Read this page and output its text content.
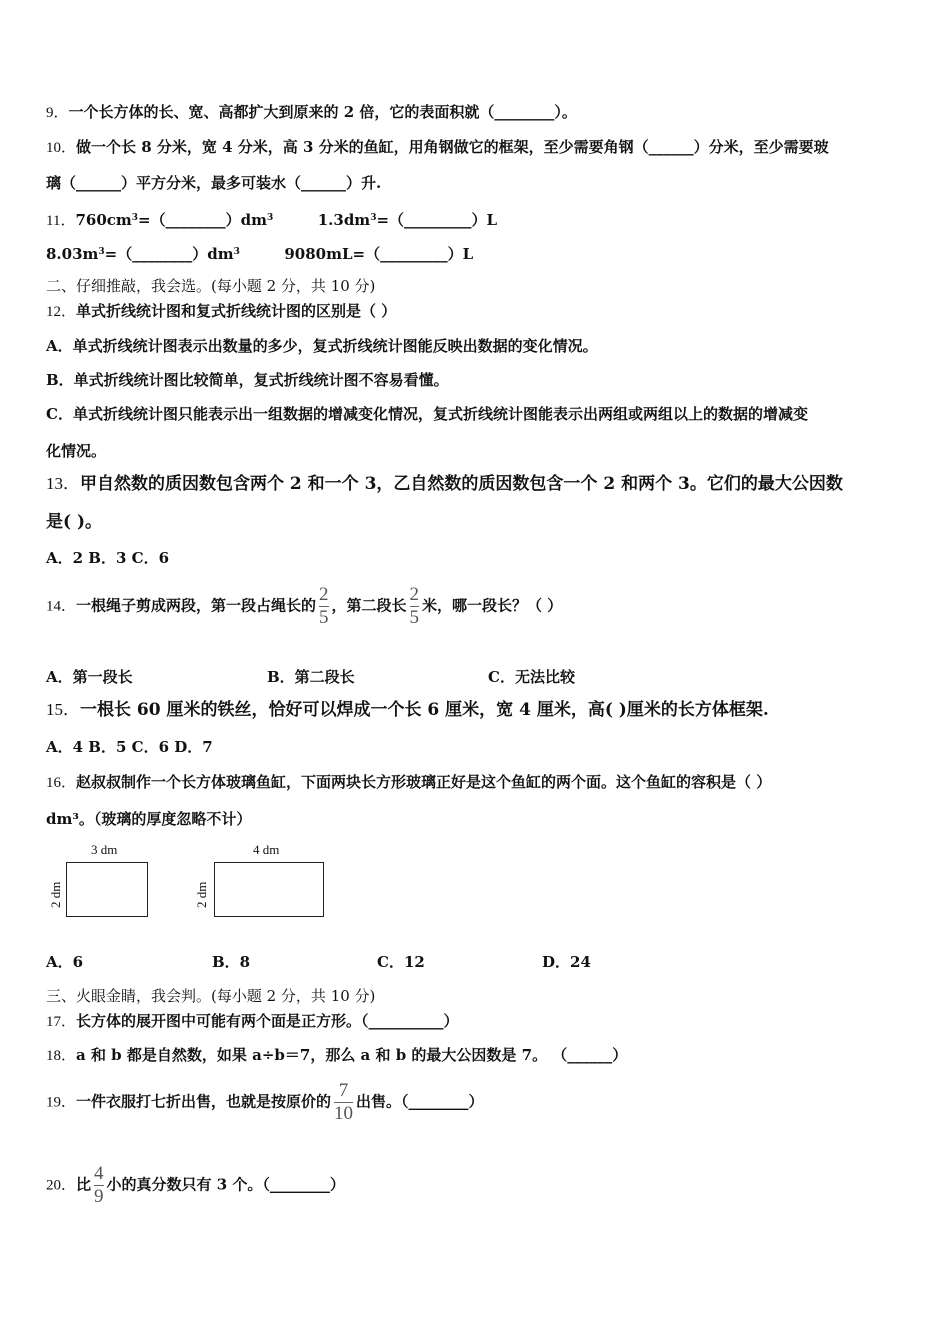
9．一个长方体的长、宽、高都扩大到原来的 2 倍，它的表面积就（________）。
10．做一个长 8 分米，宽 4 分米，高 3 分米的鱼缸，用角钢做它的框架，至少需要角钢（______）分米，至少需要玻
璃（______）平方分米，最多可装水（______）升.
11．$760cm^3=(\_\_\_\_\_\_\_\_)dm^3$	$1.3dm^3=(\_\_\_\_\_\_\_\_\_)L$
$8.03m^3=(\_\_\_\_\_\_\_\_)dm^3$	9080mL=（_________）L
二、仔细推敲，我会选。(每小题 2 分，共 10 分)
12．单式折线统计图和复式折线统计图的区别是（ ）
A．单式折线统计图表示出数量的多少，复式折线统计图能反映出数据的变化情况。
B．单式折线统计图比较简单，复式折线统计图不容易看懂。
C．单式折线统计图只能表示出一组数据的增减变化情况，复式折线统计图能表示出两组或两组以上的数据的增减变
化情况。
13．甲自然数的质因数包含两个 2 和一个 3，乙自然数的质因数包含一个 2 和两个 3。它们的最大公因数
是( )。
A．2 B．3 C．6
14．一根绳子剪成两段，第一段占绳长的 $\frac{2}{5}$ ，第二段长 $\frac{2}{5}$ 米，哪一段长？（ ）
A．第一段长	B．第二段长	C．无法比较
15．一根长 60 厘米的铁丝，恰好可以焊成一个长 6 厘米，宽 4 厘米，高( )厘米的长方体框架.
A．4 B．5 C．6 D．7
16．赵叔叔制作一个长方体玻璃鱼缸，下面两块长方形玻璃正好是这个鱼缸的两个面。这个鱼缸的容积是（ ）
dm³。（玻璃的厚度忽略不计）
3 dm
2 dm
4 dm
2 dm
A．6	B．8	C．12	D．24
三、火眼金睛，我会判。(每小题 2 分，共 10 分)
17．长方体的展开图中可能有两个面是正方形。（__________）
18．a 和 b 都是自然数，如果 a÷b＝7，那么 a 和 b 的最大公因数是 7。 （______）
19．一件衣服打七折出售，也就是按原价的 $\frac{7}{10}$ 出售。（________）
20．比 $\frac{4}{9}$ 小的真分数只有 3 个。（________）
